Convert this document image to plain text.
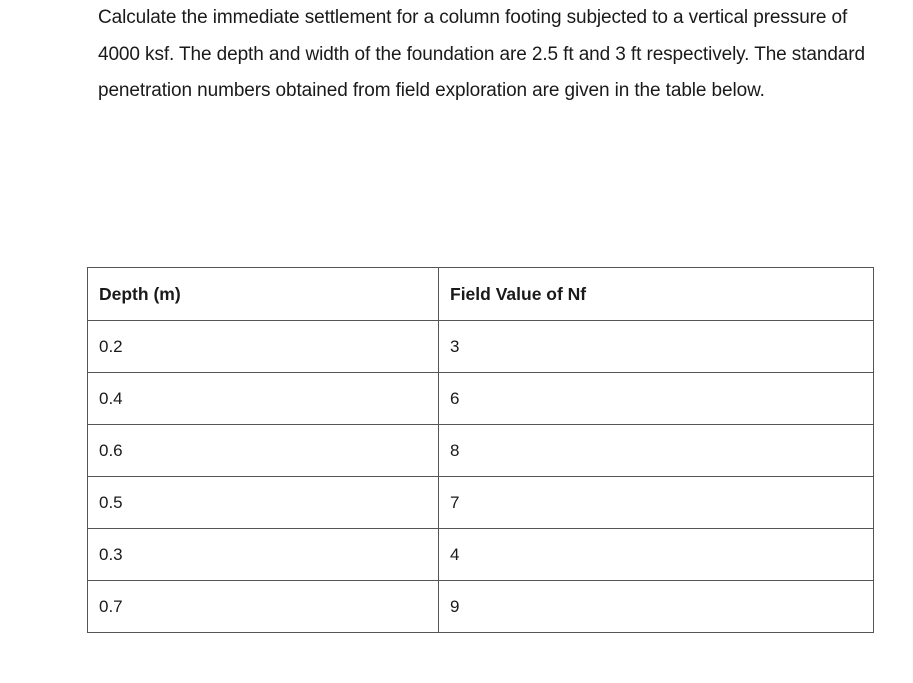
Calculate the immediate settlement for a column footing subjected to a vertical pressure of 4000 ksf. The depth and width of the foundation are 2.5 ft and 3 ft respectively. The standard penetration numbers obtained from field exploration are given in the table below.

Depth (m)	Field Value of Nf
0.2	3
0.4	6
0.6	8
0.5	7
0.3	4
0.7	9
